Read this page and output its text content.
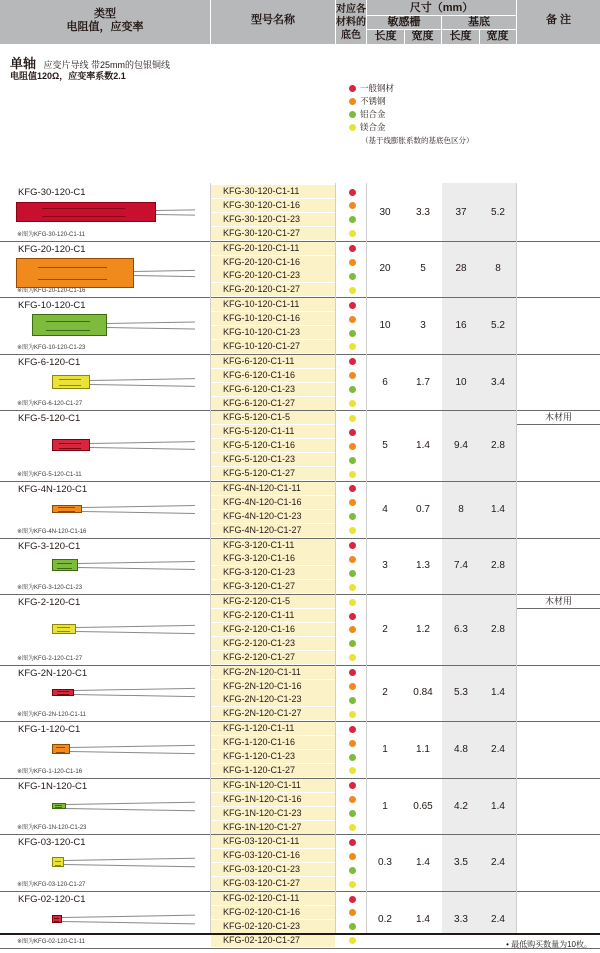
类型
电阻值，应变率
型号名称
对应各材料的底色
尺寸（mm）
敏感栅	基底
长度	宽度	长度	宽度
备 注
单轴 应变片导线 带25mm的包银铜线
电阻值120Ω，应变率系数2.1
一般钢材
不锈钢
铝合金
镁合金
（基于线膨胀系数的基底色区分）
KFG-30-120-C1
※图为KFG-30-120-C1-11
KFG-30-120-C1-11
KFG-30-120-C1-16
KFG-30-120-C1-23
KFG-30-120-C1-27
30	3.3	37	5.2
KFG-20-120-C1
※图为KFG-20-120-C1-16
KFG-20-120-C1-11
KFG-20-120-C1-16
KFG-20-120-C1-23
KFG-20-120-C1-27
20	5	28	8
KFG-10-120-C1
※图为KFG-10-120-C1-23
KFG-10-120-C1-11
KFG-10-120-C1-16
KFG-10-120-C1-23
KFG-10-120-C1-27
10	3	16	5.2
KFG-6-120-C1
※图为KFG-6-120-C1-27
KFG-6-120-C1-11
KFG-6-120-C1-16
KFG-6-120-C1-23
KFG-6-120-C1-27
6	1.7	10	3.4
KFG-5-120-C1
※图为KFG-5-120-C1-11
KFG-5-120-C1-5	木材用
KFG-5-120-C1-11
KFG-5-120-C1-16
KFG-5-120-C1-23
KFG-5-120-C1-27
5	1.4	9.4	2.8
KFG-4N-120-C1
※图为KFG-4N-120-C1-16
KFG-4N-120-C1-11
KFG-4N-120-C1-16
KFG-4N-120-C1-23
KFG-4N-120-C1-27
4	0.7	8	1.4
KFG-3-120-C1
※图为KFG-3-120-C1-23
KFG-3-120-C1-11
KFG-3-120-C1-16
KFG-3-120-C1-23
KFG-3-120-C1-27
3	1.3	7.4	2.8
KFG-2-120-C1
※图为KFG-2-120-C1-27
KFG-2-120-C1-5	木材用
KFG-2-120-C1-11
KFG-2-120-C1-16
KFG-2-120-C1-23
KFG-2-120-C1-27
2	1.2	6.3	2.8
KFG-2N-120-C1
※图为KFG-2N-120-C1-11
KFG-2N-120-C1-11
KFG-2N-120-C1-16
KFG-2N-120-C1-23
KFG-2N-120-C1-27
2	0.84	5.3	1.4
KFG-1-120-C1
※图为KFG-1-120-C1-16
KFG-1-120-C1-11
KFG-1-120-C1-16
KFG-1-120-C1-23
KFG-1-120-C1-27
1	1.1	4.8	2.4
KFG-1N-120-C1
※图为KFG-1N-120-C1-23
KFG-1N-120-C1-11
KFG-1N-120-C1-16
KFG-1N-120-C1-23
KFG-1N-120-C1-27
1	0.65	4.2	1.4
KFG-03-120-C1
※图为KFG-03-120-C1-27
KFG-03-120-C1-11
KFG-03-120-C1-16
KFG-03-120-C1-23
KFG-03-120-C1-27
0.3	1.4	3.5	2.4
KFG-02-120-C1
※图为KFG-02-120-C1-11
KFG-02-120-C1-11
KFG-02-120-C1-16
KFG-02-120-C1-23
KFG-02-120-C1-27
0.2	1.4	3.3	2.4
• 最低购买数量为10枚。
